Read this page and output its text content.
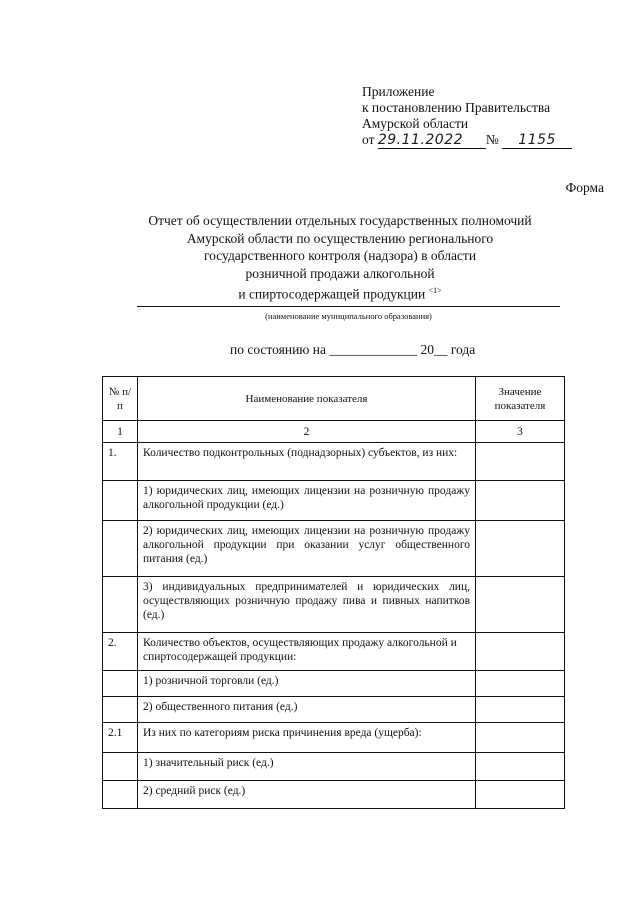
Приложение
к постановлению Правительства
Амурской области
от 29.11.2022 № 1155
Форма
Отчет об осуществлении отдельных государственных полномочий
Амурской области по осуществлению регионального
государственного контроля (надзора) в области
розничной продажи алкогольной
и спиртосодержащей продукции $^{<1>}$
(наименование муниципального образования)
по состоянию на _____________ 20__ года
№ п/п	Наименование показателя	Значение показателя
1	2	3
1.	Количество подконтрольных (поднадзорных) субъектов, из них:	
	1) юридических лиц, имеющих лицензии на розничную продажу алкогольной продукции (ед.)	
	2) юридических лиц, имеющих лицензии на розничную продажу алкогольной продукции при оказании услуг общественного питания (ед.)	
	3) индивидуальных предпринимателей и юридических лиц, осуществляющих розничную продажу пива и пивных напитков (ед.)	
2.	Количество объектов, осуществляющих продажу алкогольной и спиртосодержащей продукции:	
	1) розничной торговли (ед.)	
	2) общественного питания (ед.)	
2.1	Из них по категориям риска причинения вреда (ущерба):	
	1) значительный риск (ед.)	
	2) средний риск (ед.)	
